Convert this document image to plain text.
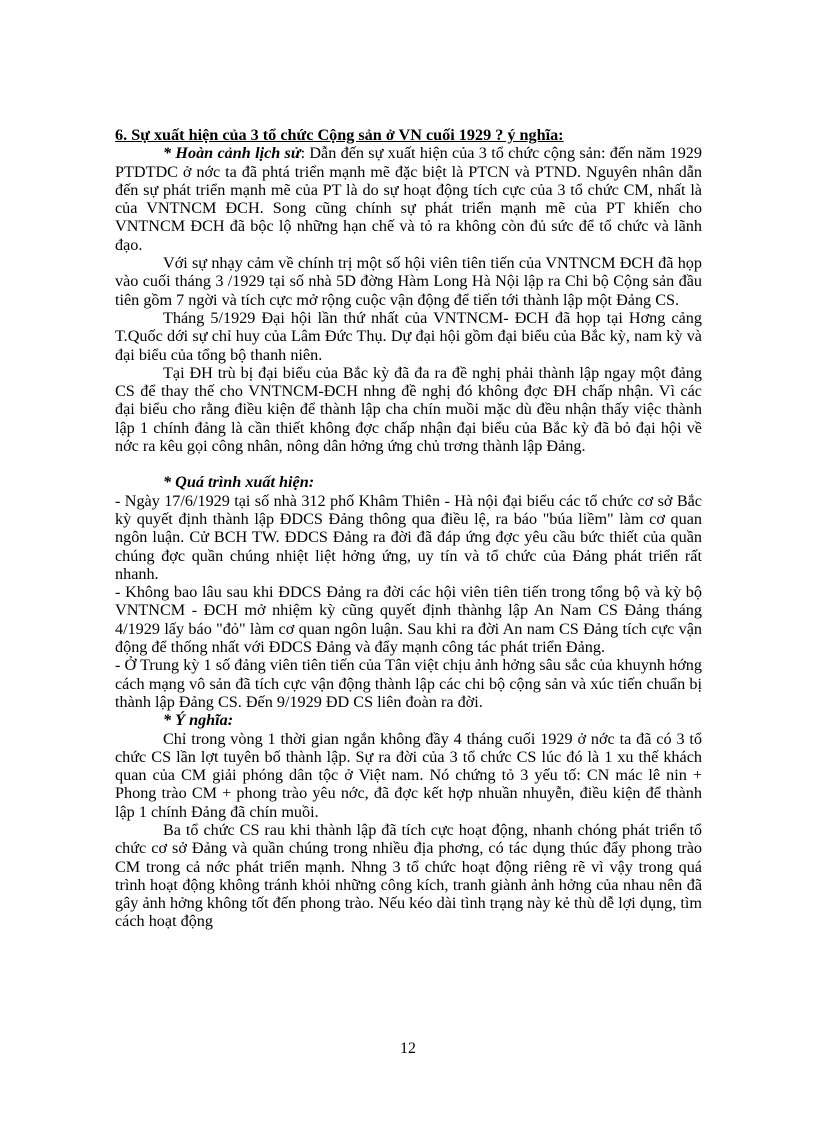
6. Sự xuất hiện của 3 tổ chức Cộng sản ở VN cuối 1929 ? ý nghĩa:

* Hoàn cảnh lịch sử: Dẫn đến sự xuất hiện của 3 tổ chức cộng sản: đến năm 1929 PTDTDC ở nớc ta đã phtá triển mạnh mẽ đặc biệt là PTCN và PTND. Nguyên nhân dẫn đến sự phát triển mạnh mẽ của PT là do sự hoạt động tích cực của 3 tổ chức CM, nhất là của VNTNCM ĐCH. Song cũng chính sự phát triển mạnh mẽ của PT khiến cho VNTNCM ĐCH đã bộc lộ những hạn chế và tỏ ra không còn đủ sức để tổ chức và lãnh đạo.

Với sự nhạy cảm về chính trị một số hội viên tiên tiến của VNTNCM ĐCH đã họp vào cuối tháng 3 /1929 tại số nhà 5D đờng Hàm Long Hà Nội lập ra Chi bộ Cộng sản đầu tiên gồm 7 ngời và tích cực mở rộng cuộc vận động để tiến tới thành lập một Đảng CS.

Tháng 5/1929 Đại hội lần thứ nhất của VNTNCM- ĐCH đã họp tại Hơng cảng T.Quốc dới sự chỉ huy của Lâm Đức Thụ. Dự đại hội gồm đại biểu của Bắc kỳ, nam kỳ và đại biểu của tổng bộ thanh niên.

Tại ĐH trù bị đại biểu của Bắc kỳ đã đa ra đề nghị phải thành lập ngay một đảng CS để thay thế cho VNTNCM-ĐCH nhng đề nghị đó không đợc ĐH chấp nhận. Vì các đại biểu cho rằng điều kiện để thành lập cha chín muồi mặc dù đều nhận thấy việc thành lập 1 chính đảng là cần thiết không đợc chấp nhận đại biểu của Bắc kỳ đã bỏ đại hội về nớc ra kêu gọi công nhân, nông dân hởng ứng chủ trơng thành lập Đảng.

* Quá trình xuất hiện:

- Ngày 17/6/1929 tại số nhà 312 phố Khâm Thiên - Hà nội đại biểu các tổ chức cơ sở Bắc kỳ quyết định thành lập ĐDCS Đảng thông qua điều lệ, ra báo "búa liềm" làm cơ quan ngôn luận. Cử BCH TW. ĐDCS Đảng ra đời đã đáp ứng đợc yêu cầu bức thiết của quần chúng đợc quần chúng nhiệt liệt hởng ứng, uy tín và tổ chức của Đảng phát triển rất nhanh.

- Không bao lâu sau khi ĐDCS Đảng ra đời các hội viên tiên tiến trong tổng bộ và kỳ bộ VNTNCM - ĐCH mở nhiệm kỳ cũng quyết định thànhg lập An Nam CS Đảng tháng 4/1929 lấy báo "đỏ" làm cơ quan ngôn luận. Sau khi ra đời An nam CS Đảng tích cực vận động để thống nhất với ĐDCS Đảng và đẩy mạnh công tác phát triển Đảng.

- Ở Trung kỳ 1 số đảng viên tiên tiến của Tân việt chịu ảnh hởng sâu sắc của khuynh hớng cách mạng vô sản đã tích cực vận động thành lập các chi bộ cộng sản và xúc tiến chuẩn bị thành lập Đảng CS. Đến 9/1929 ĐD CS liên đoàn ra đời.

* Ý nghĩa:

Chỉ trong vòng 1 thời gian ngắn không đầy 4 tháng cuối 1929 ở nớc ta đã có 3 tổ chức CS lần lợt tuyên bố thành lập. Sự ra đời của 3 tổ chức CS lúc đó là 1 xu thế khách quan của CM giải phóng dân tộc ở Việt nam. Nó chứng tỏ 3 yếu tố: CN mác lê nin + Phong trào CM + phong trào yêu nớc, đã đợc kết hợp nhuần nhuyễn, điều kiện để thành lập 1 chính Đảng đã chín muồi.

Ba tổ chức CS rau khi thành lập đã tích cực hoạt động, nhanh chóng phát triển tổ chức cơ sở Đảng và quần chúng trong nhiều địa phơng, có tác dụng thúc đẩy phong trào CM trong cả nớc phát triển mạnh. Nhng 3 tổ chức hoạt động riêng rẽ vì vậy trong quá trình hoạt động không tránh khỏi những công kích, tranh giành ảnh hởng của nhau nên đã gây ảnh hởng không tốt đến phong trào. Nếu kéo dài tình trạng này kẻ thù dễ lợi dụng, tìm cách hoạt động

12
